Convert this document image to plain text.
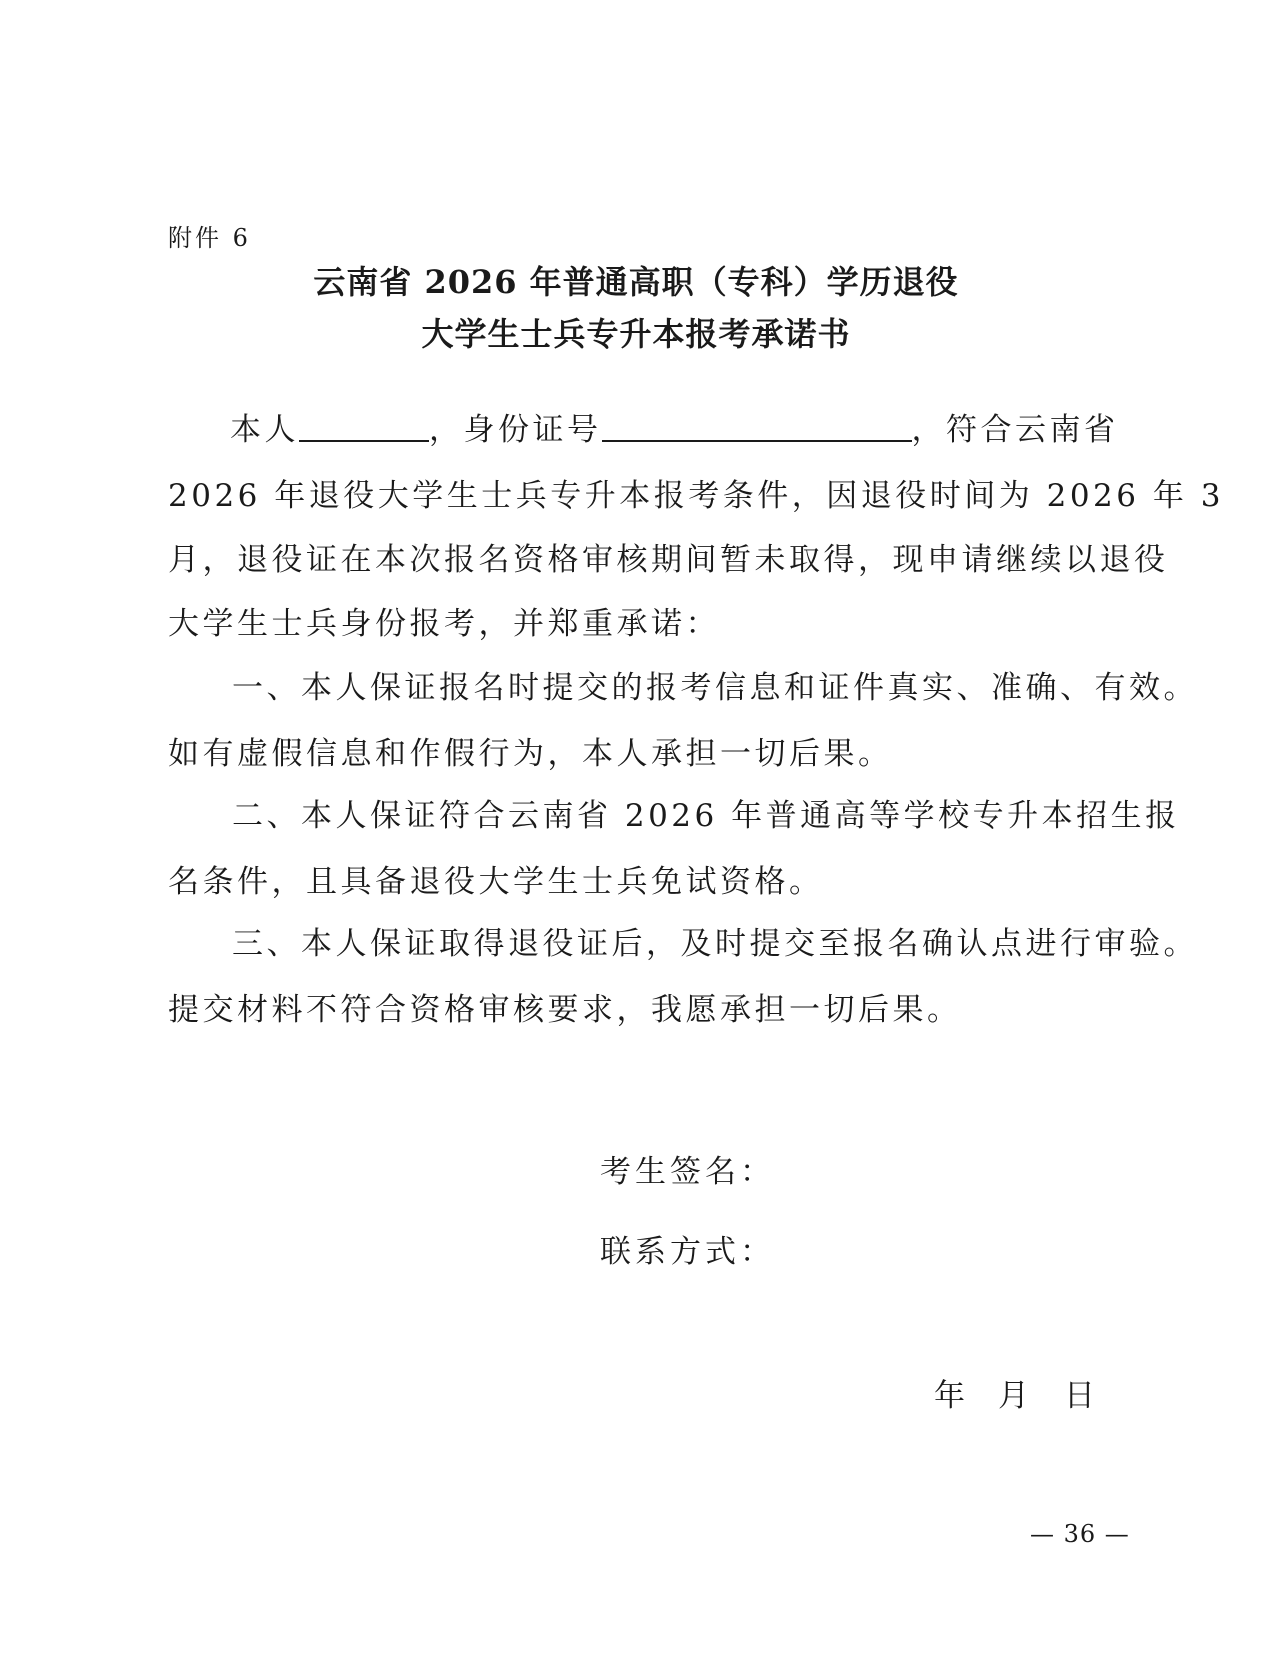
附件 6
云南省 2026 年普通高职（专科）学历退役
大学生士兵专升本报考承诺书
本人	，身份证号	，符合云南省
2026 年退役大学生士兵专升本报考条件，因退役时间为 2026 年 3
月，退役证在本次报名资格审核期间暂未取得，现申请继续以退役
大学生士兵身份报考，并郑重承诺：
一、本人保证报名时提交的报考信息和证件真实、准确、有效。
如有虚假信息和作假行为，本人承担一切后果。
二、本人保证符合云南省 2026 年普通高等学校专升本招生报
名条件，且具备退役大学生士兵免试资格。
三、本人保证取得退役证后，及时提交至报名确认点进行审验。
提交材料不符合资格审核要求，我愿承担一切后果。
考生签名：
联系方式：
年 月 日
— 36 —
